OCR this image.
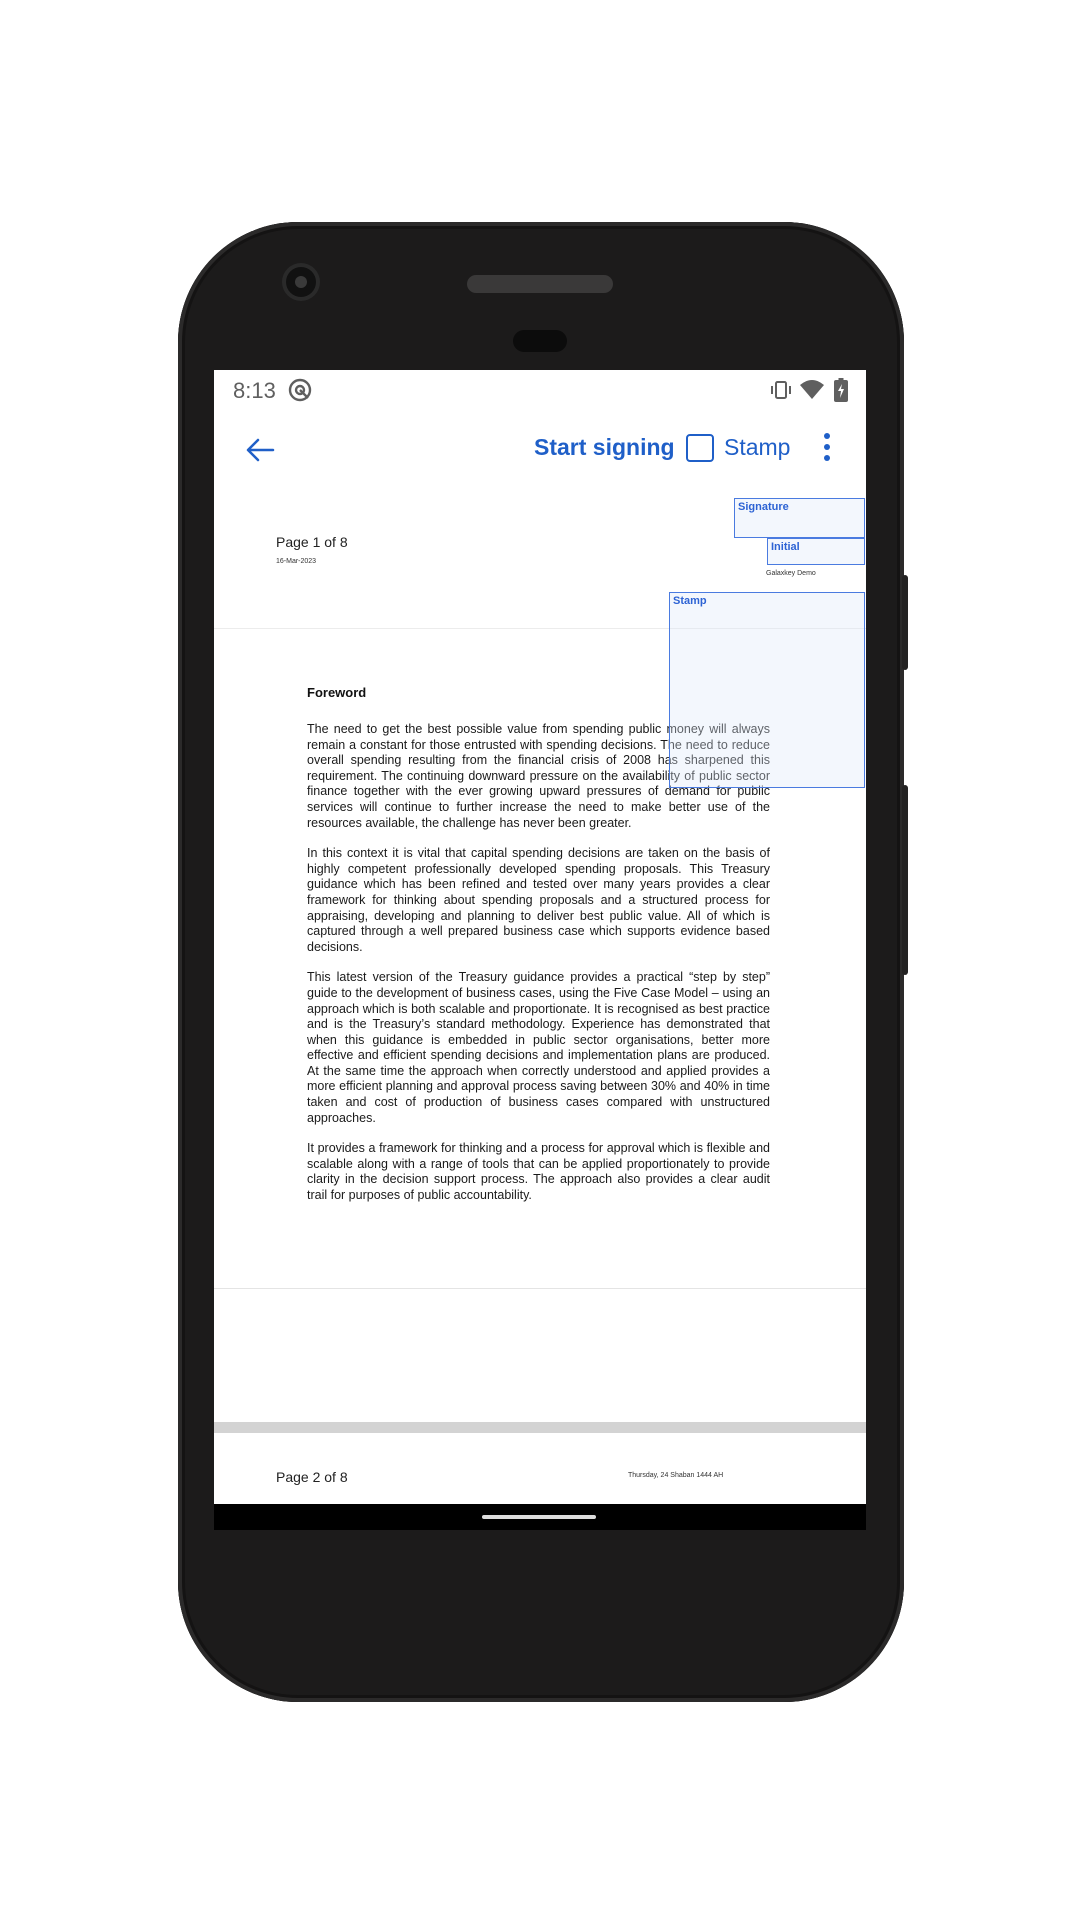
8:13
Start signing Stamp
Page 1 of 8
16-Mar-2023
Galaxkey Demo
Signature
Initial

Foreword

The need to get the best possible value from spending public money will always remain a constant for those entrusted with spending decisions. The need to reduce overall spending resulting from the financial crisis of 2008 has sharpened this requirement. The continuing downward pressure on the availability of public sector finance together with the ever growing upward pressures of demand for public services will continue to further increase the need to make better use of the resources available, the challenge has never been greater.

In this context it is vital that capital spending decisions are taken on the basis of highly competent professionally developed spending proposals. This Treasury guidance which has been refined and tested over many years provides a clear framework for thinking about spending proposals and a structured process for appraising, developing and planning to deliver best public value. All of which is captured through a well prepared business case which supports evidence based decisions.

This latest version of the Treasury guidance provides a practical “step by step” guide to the development of business cases, using the Five Case Model – using an approach which is both scalable and proportionate. It is recognised as best practice and is the Treasury’s standard methodology. Experience has demonstrated that when this guidance is embedded in public sector organisations, better more effective and efficient spending decisions and implementation plans are produced. At the same time the approach when correctly understood and applied provides a more efficient planning and approval process saving between 30% and 40% in time taken and cost of production of business cases compared with unstructured approaches.

It provides a framework for thinking and a process for approval which is flexible and scalable along with a range of tools that can be applied proportionately to provide clarity in the decision support process. The approach also provides a clear audit trail for purposes of public accountability.

Stamp
Page 2 of 8	Thursday, 24 Shaban 1444 AH
